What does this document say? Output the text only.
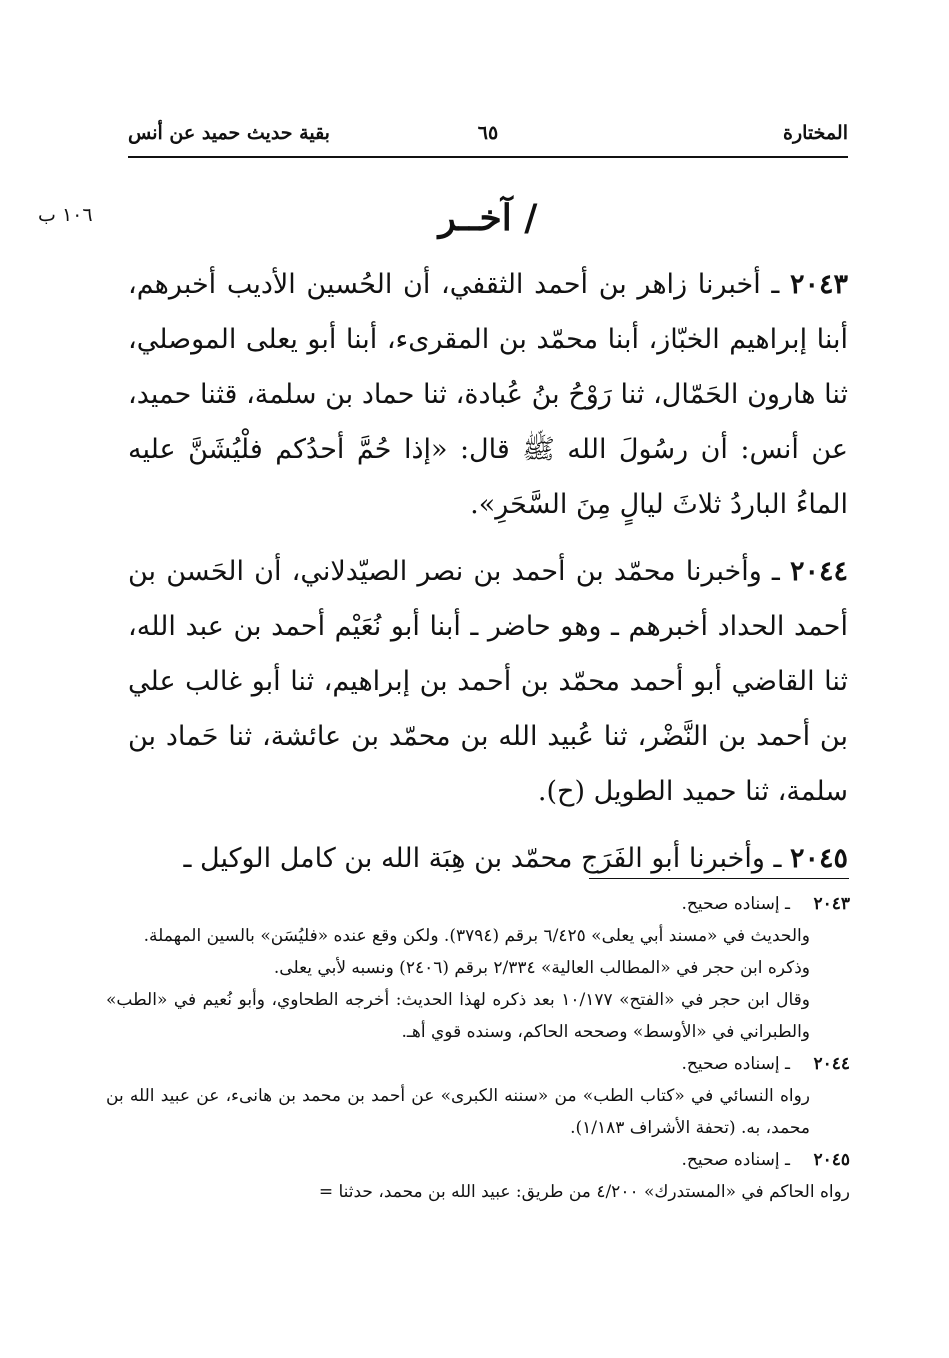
المختارة
٦٥
بقية حديث حميد عن أنس
١٠٦ ب	/ آخــر

٢٠٤٣ ـ أخبرنا زاهر بن أحمد الثقفي، أن الحُسين الأديب أخبرهم، أبنا إبراهيم الخبّاز، أبنا محمّد بن المقرىء، أبنا أبو يعلى الموصلي، ثنا هارون الحَمّال، ثنا رَوْحُ بنُ عُبادة، ثنا حماد بن سلمة، قثنا حميد، عن أنس: أن رسُولَ الله ﷺ قال: «إذا حُمَّ أحدُكم فلْيُشَنَّ عليه الماءُ الباردُ ثلاثَ ليالٍ مِنَ السَّحَرِ».

٢٠٤٤ ـ وأخبرنا محمّد بن أحمد بن نصر الصيّدلاني، أن الحَسن بن أحمد الحداد أخبرهم ـ وهو حاضر ـ أبنا أبو نُعَيْم أحمد بن عبد الله، ثنا القاضي أبو أحمد محمّد بن أحمد بن إبراهيم، ثنا أبو غالب علي بن أحمد بن النَّضْر، ثنا عُبيد الله بن محمّد بن عائشة، ثنا حَماد بن سلمة، ثنا حميد الطويل (ح).

٢٠٤٥ ـ وأخبرنا أبو الفَرَج محمّد بن هِبَة الله بن كامل الوكيل ـ

٢٠٤٣
ـ إسناده صحيح.
والحديث في «مسند أبي يعلى» ٦/٤٢٥ برقم (٣٧٩٤). ولكن وقع عنده «فليُسَن» بالسين المهملة.
وذكره ابن حجر في «المطالب العالية» ٢/٣٣٤ برقم (٢٤٠٦) ونسبه لأبي يعلى.
وقال ابن حجر في «الفتح» ١٠/١٧٧ بعد ذكره لهذا الحديث: أخرجه الطحاوي، وأبو نُعيم في «الطب» والطبراني في «الأوسط» وصححه الحاكم، وسنده قوي أهـ.
٢٠٤٤
ـ إسناده صحيح.
رواه النسائي في «كتاب الطب» من «سننه الكبرى» عن أحمد بن محمد بن هانىء، عن عبيد الله بن محمد، به. (تحفة الأشراف ١/١٨٣).
٢٠٤٥
ـ إسناده صحيح.
رواه الحاكم في «المستدرك» ٤/٢٠٠ من طريق: عبيد الله بن محمد، حدثنا =
